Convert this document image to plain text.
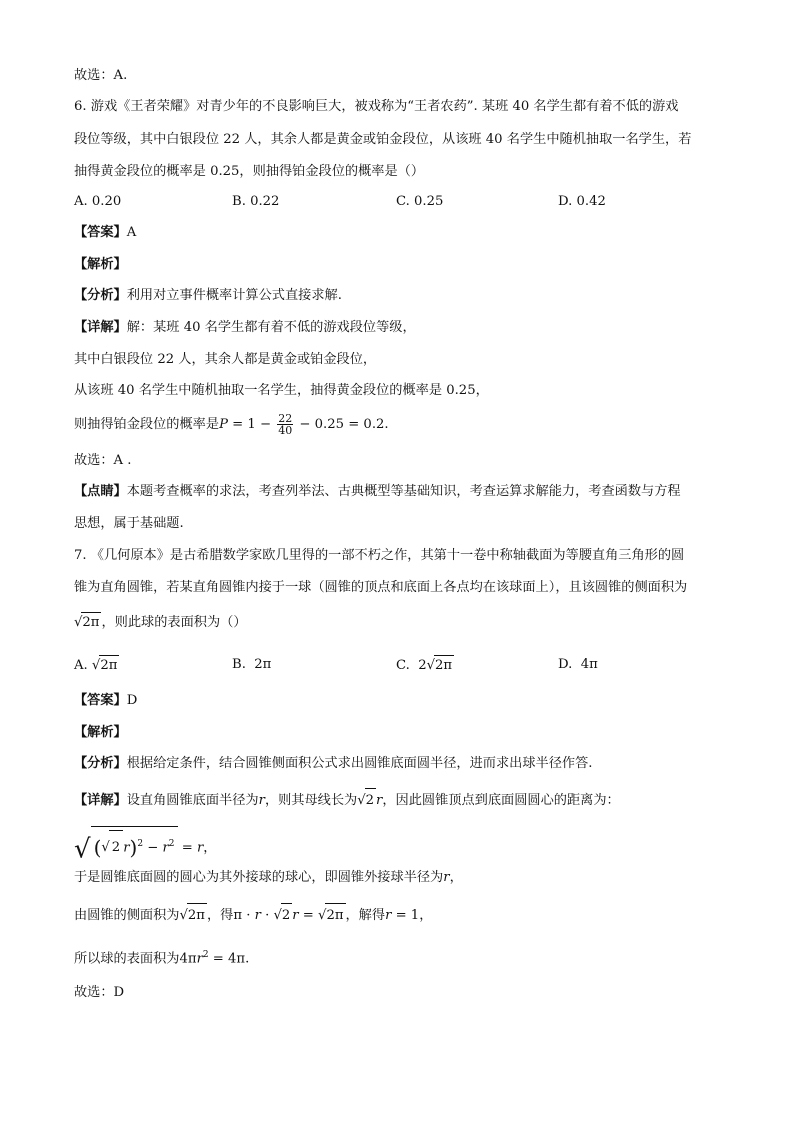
故选：A.
6. 游戏《王者荣耀》对青少年的不良影响巨大，被戏称为“王者农药”. 某班 40 名学生都有着不低的游戏
段位等级，其中白银段位 22 人，其余人都是黄金或铂金段位，从该班 40 名学生中随机抽取一名学生，若
抽得黄金段位的概率是 0.25，则抽得铂金段位的概率是（）
A. 0.20	B. 0.22	C. 0.25	D. 0.42
【答案】A
【解析】
【分析】利用对立事件概率计算公式直接求解.
【详解】解：某班 40 名学生都有着不低的游戏段位等级，
其中白银段位 22 人，其余人都是黄金或铂金段位，
从该班 40 名学生中随机抽取一名学生，抽得黄金段位的概率是 0.25，
则抽得铂金段位的概率是$P = 1 - \frac{22}{40} - 0.25 = 0.2$.
故选：A .
【点睛】本题考查概率的求法，考查列举法、古典概型等基础知识，考查运算求解能力，考查函数与方程
思想，属于基础题.
7. 《几何原本》是古希腊数学家欧几里得的一部不朽之作，其第十一卷中称轴截面为等腰直角三角形的圆
锥为直角圆锥，若某直角圆锥内接于一球（圆锥的顶点和底面上各点均在该球面上），且该圆锥的侧面积为
√2π ，则此球的表面积为（）
A. √2π	B. 2π	C. 2√2π	D. 4π
【答案】D
【解析】
【分析】根据给定条件，结合圆锥侧面积公式求出圆锥底面圆半径，进而求出球半径作答.
【详解】设直角圆锥底面半径为r，则其母线长为√2 r，因此圆锥顶点到底面圆圆心的距离为：
√ (√ 2 $r)^2 - r^2 = r$，
于是圆锥底面圆的圆心为其外接球的球心，即圆锥外接球半径为r，
由圆锥的侧面积为√2π ，得π · r · √2 r = √2π ，解得r = 1，
所以球的表面积为$4\pi r^2 = 4\pi$.
故选：D
